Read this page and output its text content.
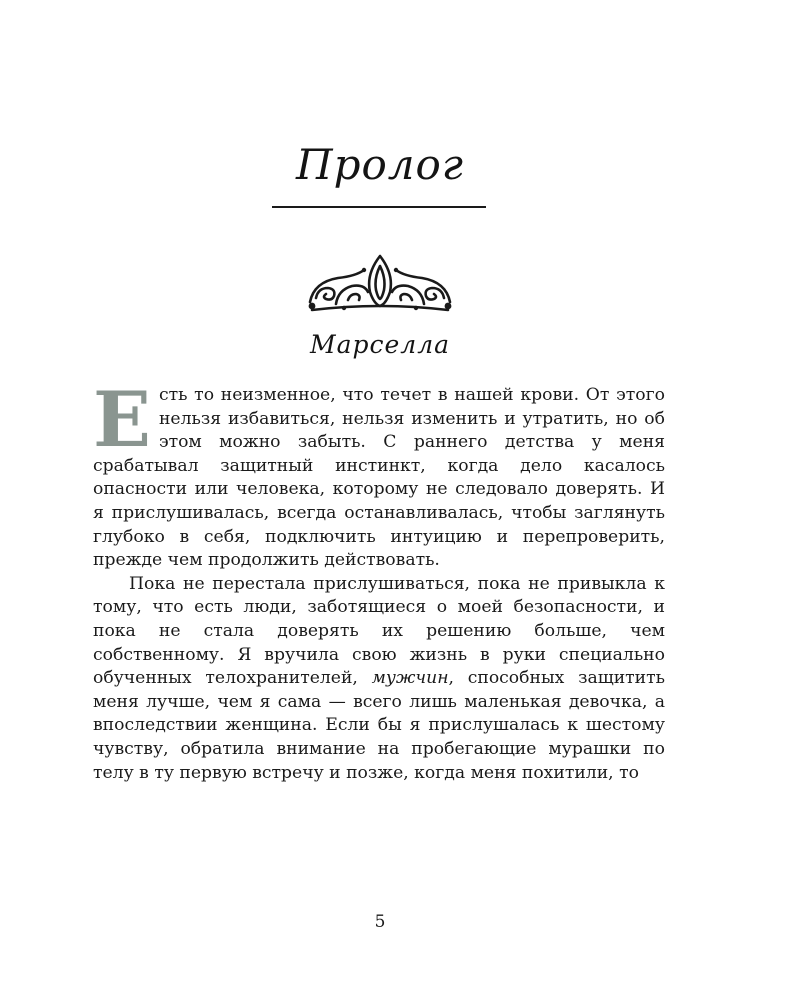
Пролог
Марселла

Есть то неизменное, что течет в нашей крови. От этого нельзя избавиться, нельзя изменить и утратить, но об этом можно забыть. С раннего детства у меня срабатывал защитный инстинкт, когда дело касалось опасности или человека, которому не следовало доверять. И я прислушивалась, всегда останавливалась, чтобы заглянуть глубоко в себя, подключить интуицию и перепроверить, прежде чем продолжить действовать.

Пока не перестала прислушиваться, пока не привыкла к тому, что есть люди, заботящиеся о моей безопасности, и пока не стала доверять их решению больше, чем собственному. Я вручила свою жизнь в руки специально обученных телохранителей, мужчин, способных защитить меня лучше, чем я сама — всего лишь маленькая девочка, а впоследствии женщина. Если бы я прислушалась к шестому чувству, обратила внимание на пробегающие мурашки по телу в ту первую встречу и позже, когда меня похитили, то

5
